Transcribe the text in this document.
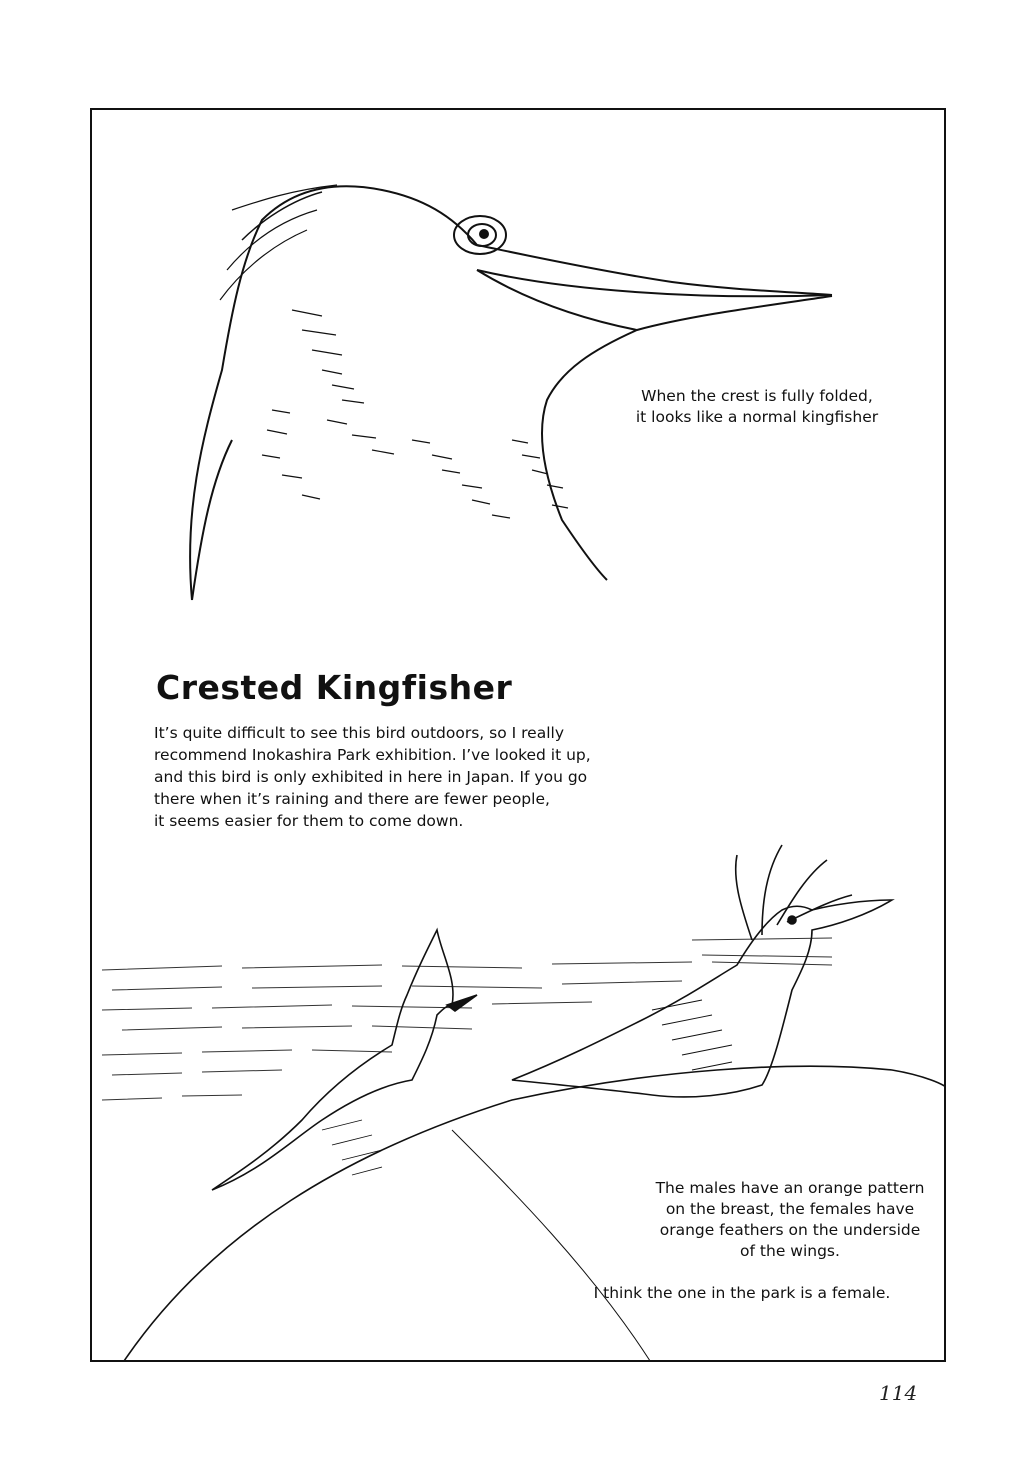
When the crest is fully folded,
it looks like a normal kingfisher
Crested Kingfisher
It’s quite difficult to see this bird outdoors, so I really
recommend Inokashira Park exhibition. I’ve looked it up,
and this bird is only exhibited in here in Japan. If you go
there when it’s raining and there are fewer people,
it seems easier for them to come down.
The males have an orange pattern
on the breast, the females have
orange feathers on the underside
of the wings.
I think the one in the park is a female.
114
